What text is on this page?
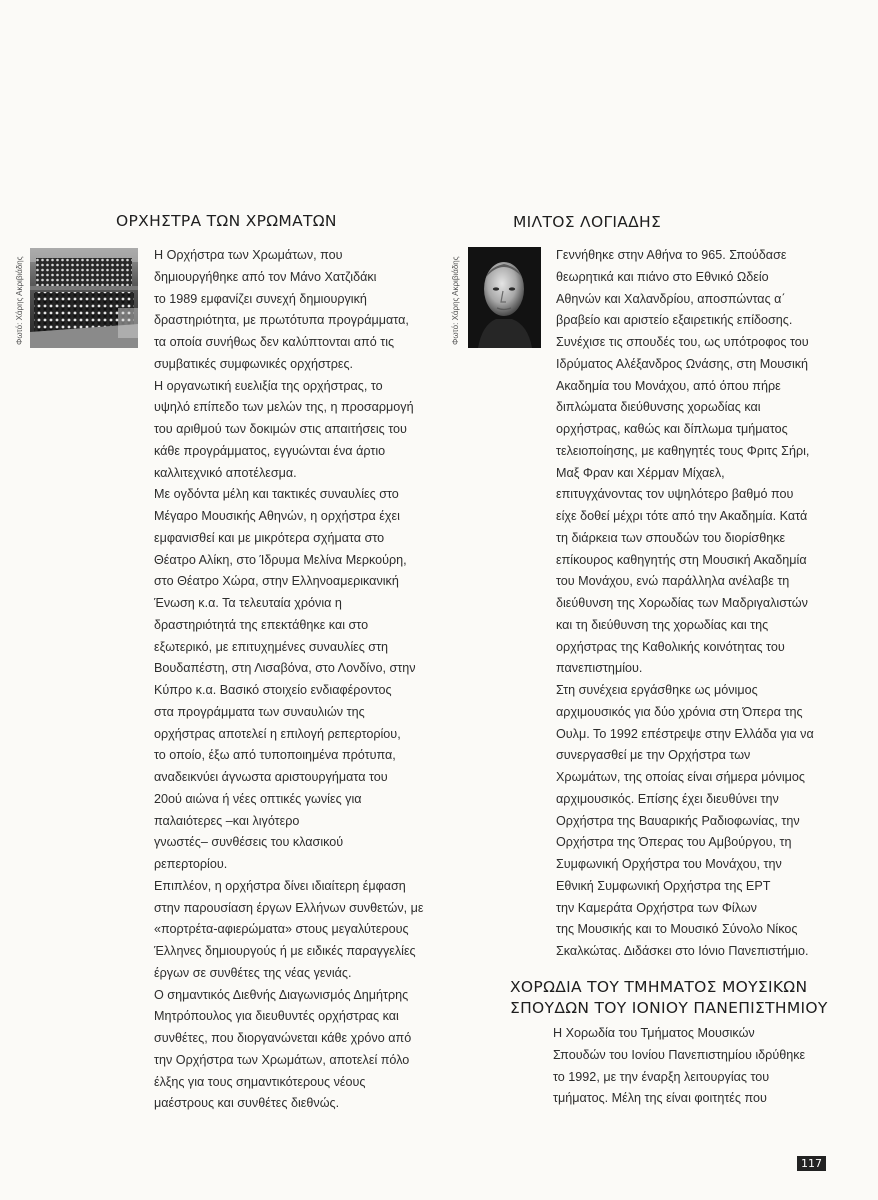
ΟΡΧΗΣΤΡΑ ΤΩΝ ΧΡΩΜΑΤΩΝ
Φωτό: Χάρης Ακριβιάδης
Η Ορχήστρα των Χρωμάτων, που
δημιουργήθηκε από τον Μάνο Χατζιδάκι
το 1989 εμφανίζει συνεχή δημιουργική
δραστηριότητα, με πρωτότυπα προγράμματα,
τα οποία συνήθως δεν καλύπτονται από τις
συμβατικές συμφωνικές ορχήστρες.
Η οργανωτική ευελιξία της ορχήστρας, το
υψηλό επίπεδο των μελών της, η προσαρμογή
του αριθμού των δοκιμών στις απαιτήσεις του
κάθε προγράμματος, εγγυώνται ένα άρτιο
καλλιτεχνικό αποτέλεσμα.
Με ογδόντα μέλη και τακτικές συναυλίες στο
Μέγαρο Μουσικής Αθηνών, η ορχήστρα έχει
εμφανισθεί και με μικρότερα σχήματα στο
Θέατρο Αλίκη, στο Ίδρυμα Μελίνα Μερκούρη,
στο Θέατρο Χώρα, στην Ελληνοαμερικανική
Ένωση κ.α. Τα τελευταία χρόνια η
δραστηριότητά της επεκτάθηκε και στο
εξωτερικό, με επιτυχημένες συναυλίες στη
Βουδαπέστη, στη Λισαβόνα, στο Λονδίνο, στην
Κύπρο κ.α. Βασικό στοιχείο ενδιαφέροντος
στα προγράμματα των συναυλιών της
ορχήστρας αποτελεί η επιλογή ρεπερτορίου,
το οποίο, έξω από τυποποιημένα πρότυπα,
αναδεικνύει άγνωστα αριστουργήματα του
20ού αιώνα ή νέες οπτικές γωνίες για
παλαιότερες –και λιγότερο
γνωστές– συνθέσεις του κλασικού
ρεπερτορίου.
Επιπλέον, η ορχήστρα δίνει ιδιαίτερη έμφαση
στην παρουσίαση έργων Ελλήνων συνθετών, με
«πορτρέτα-αφιερώματα» στους μεγαλύτερους
Έλληνες δημιουργούς ή με ειδικές παραγγελίες
έργων σε συνθέτες της νέας γενιάς.
Ο σημαντικός Διεθνής Διαγωνισμός Δημήτρης
Μητρόπουλος για διευθυντές ορχήστρας και
συνθέτες, που διοργανώνεται κάθε χρόνο από
την Ορχήστρα των Χρωμάτων, αποτελεί πόλο
έλξης για τους σημαντικότερους νέους
μαέστρους και συνθέτες διεθνώς.
ΜΙΛΤΟΣ ΛΟΓΙΑΔΗΣ
Φωτό: Χάρης Ακριβιάδης
Γεννήθηκε στην Αθήνα το 965. Σπούδασε
θεωρητικά και πιάνο στο Εθνικό Ωδείο
Αθηνών και Χαλανδρίου, αποσπώντας α΄
βραβείο και αριστείο εξαιρετικής επίδοσης.
Συνέχισε τις σπουδές του, ως υπότροφος του
Ιδρύματος Αλέξανδρος Ωνάσης, στη Μουσική
Ακαδημία του Μονάχου, από όπου πήρε
διπλώματα διεύθυνσης χορωδίας και
ορχήστρας, καθώς και δίπλωμα τμήματος
τελειοποίησης, με καθηγητές τους Φριτς Σήρι,
Μαξ Φραν και Χέρμαν Μίχαελ,
επιτυγχάνοντας τον υψηλότερο βαθμό που
είχε δοθεί μέχρι τότε από την Ακαδημία. Κατά
τη διάρκεια των σπουδών του διορίσθηκε
επίκουρος καθηγητής στη Μουσική Ακαδημία
του Μονάχου, ενώ παράλληλα ανέλαβε τη
διεύθυνση της Χορωδίας των Μαδριγαλιστών
και τη διεύθυνση της χορωδίας και της
ορχήστρας της Καθολικής κοινότητας του
πανεπιστημίου.
Στη συνέχεια εργάσθηκε ως μόνιμος
αρχιμουσικός για δύο χρόνια στη Όπερα της
Ουλμ. Το 1992 επέστρεψε στην Ελλάδα για να
συνεργασθεί με την Ορχήστρα των
Χρωμάτων, της οποίας είναι σήμερα μόνιμος
αρχιμουσικός. Επίσης έχει διευθύνει την
Ορχήστρα της Βαυαρικής Ραδιοφωνίας, την
Ορχήστρα της Όπερας του Αμβούργου, τη
Συμφωνική Ορχήστρα του Μονάχου, την
Εθνική Συμφωνική Ορχήστρα της ΕΡΤ
την Καμεράτα Ορχήστρα των Φίλων
της Μουσικής και το Μουσικό Σύνολο Νίκος
Σκαλκώτας. Διδάσκει στο Ιόνιο Πανεπιστήμιο.
ΧΟΡΩΔΙΑ ΤΟΥ ΤΜΗΜΑΤΟΣ ΜΟΥΣΙΚΩΝ
ΣΠΟΥΔΩΝ ΤΟΥ ΙΟΝΙΟΥ ΠΑΝΕΠΙΣΤΗΜΙΟΥ
Η Χορωδία του Τμήματος Μουσικών
Σπουδών του Ιονίου Πανεπιστημίου ιδρύθηκε
το 1992, με την έναρξη λειτουργίας του
τμήματος. Μέλη της είναι φοιτητές που
117
